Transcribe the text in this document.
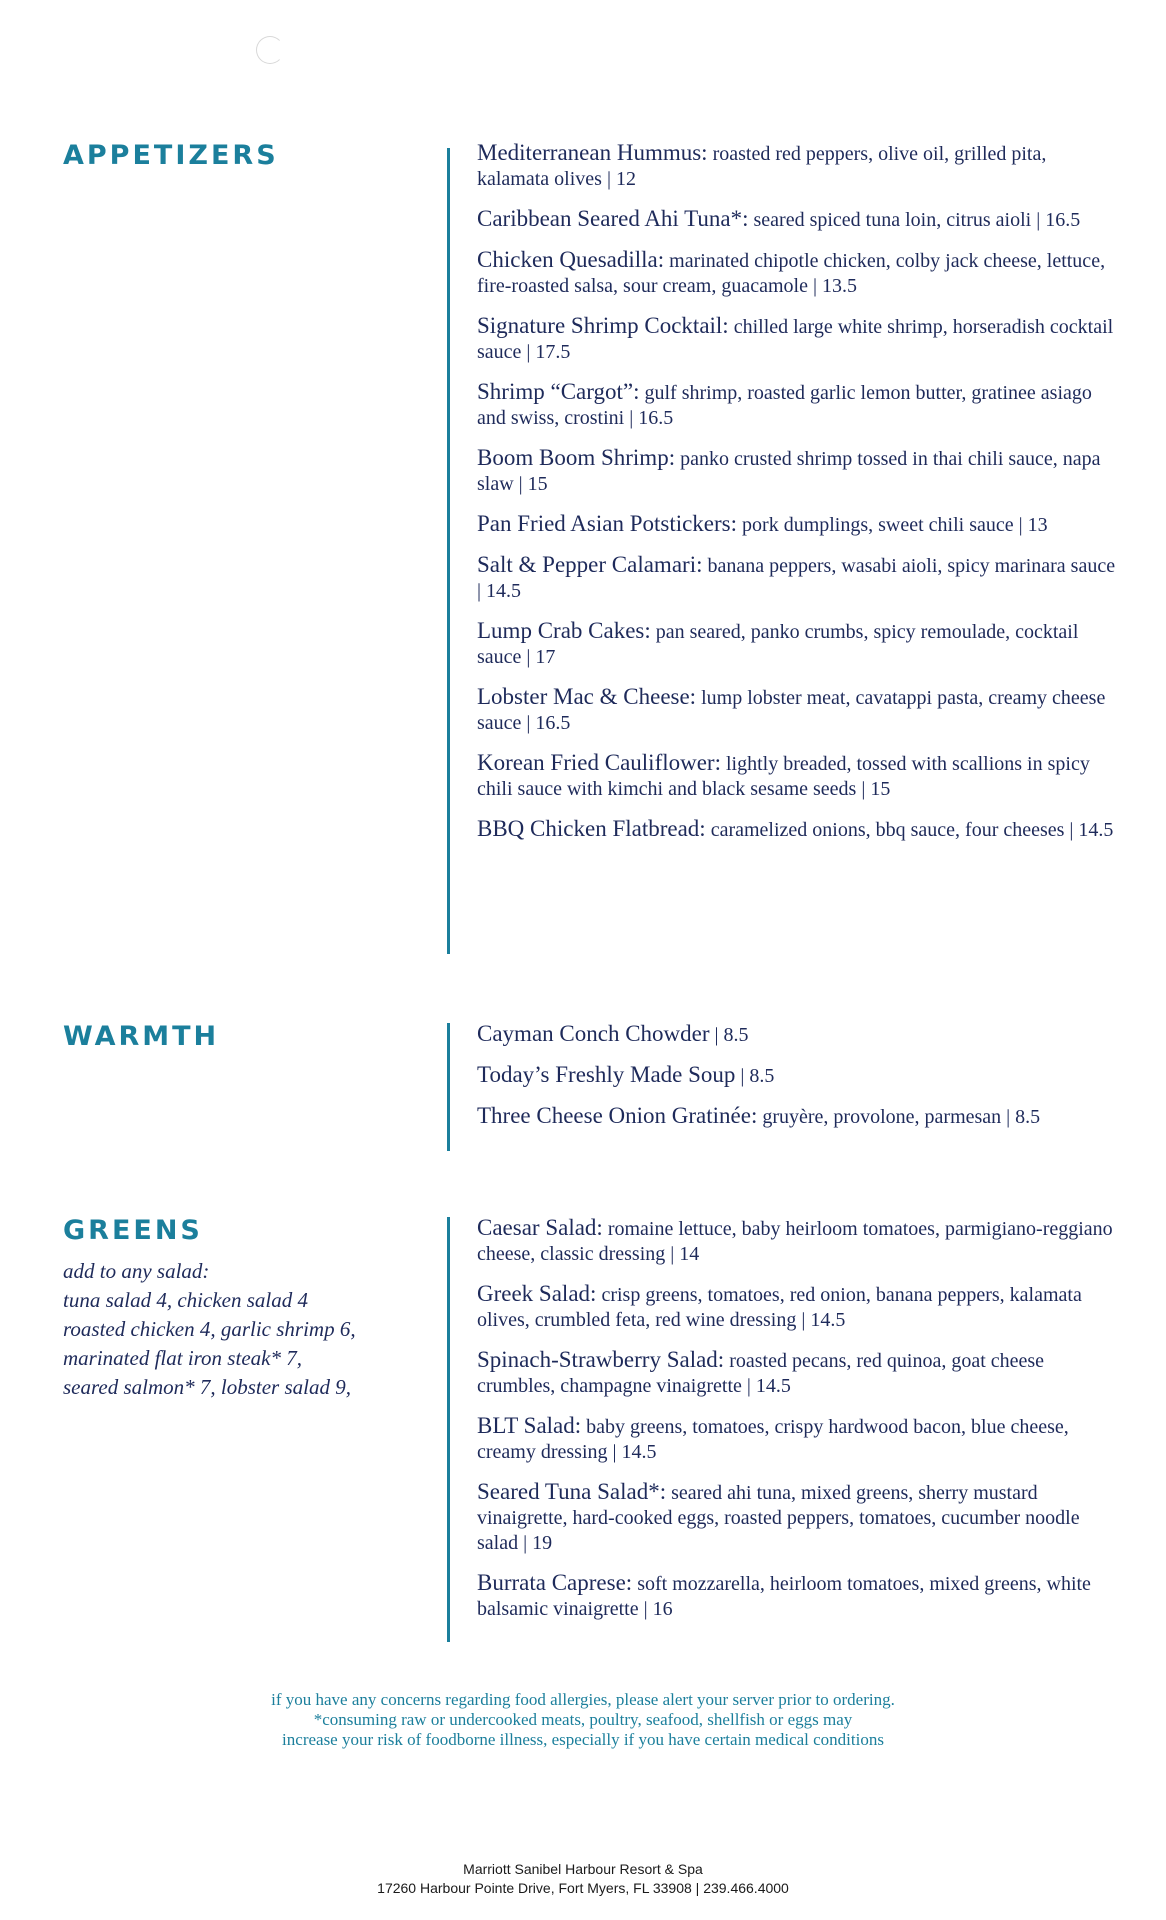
APPETIZERS	Mediterranean Hummus: roasted red peppers, olive oil, grilled pita, kalamata olives | 12
Caribbean Seared Ahi Tuna*: seared spiced tuna loin, citrus aioli | 16.5
Chicken Quesadilla: marinated chipotle chicken, colby jack cheese, lettuce, fire-roasted salsa, sour cream, guacamole | 13.5
Signature Shrimp Cocktail: chilled large white shrimp, horseradish cocktail sauce | 17.5
Shrimp “Cargot”: gulf shrimp, roasted garlic lemon butter, gratinee asiago and swiss, crostini | 16.5
Boom Boom Shrimp: panko crusted shrimp tossed in thai chili sauce, napa slaw | 15
Pan Fried Asian Potstickers: pork dumplings, sweet chili sauce | 13
Salt & Pepper Calamari: banana peppers, wasabi aioli, spicy marinara sauce | 14.5
Lump Crab Cakes: pan seared, panko crumbs, spicy remoulade, cocktail sauce | 17
Lobster Mac & Cheese: lump lobster meat, cavatappi pasta, creamy cheese sauce | 16.5
Korean Fried Cauliflower: lightly breaded, tossed with scallions in spicy chili sauce with kimchi and black sesame seeds | 15
BBQ Chicken Flatbread: caramelized onions, bbq sauce, four cheeses | 14.5
WARMTH	Cayman Conch Chowder | 8.5
Today’s Freshly Made Soup | 8.5
Three Cheese Onion Gratinée: gruyère, provolone, parmesan | 8.5
GREENS
add to any salad:
tuna salad 4, chicken salad 4
roasted chicken 4, garlic shrimp 6,
marinated flat iron steak* 7,
seared salmon* 7, lobster salad 9,
Caesar Salad: romaine lettuce, baby heirloom tomatoes, parmigiano-reggiano cheese, classic dressing | 14
Greek Salad: crisp greens, tomatoes, red onion, banana peppers, kalamata olives, crumbled feta, red wine dressing | 14.5
Spinach-Strawberry Salad: roasted pecans, red quinoa, goat cheese crumbles, champagne vinaigrette | 14.5
BLT Salad: baby greens, tomatoes, crispy hardwood bacon, blue cheese, creamy dressing | 14.5
Seared Tuna Salad*: seared ahi tuna, mixed greens, sherry mustard vinaigrette, hard-cooked eggs, roasted peppers, tomatoes, cucumber noodle salad | 19
Burrata Caprese: soft mozzarella, heirloom tomatoes, mixed greens, white balsamic vinaigrette | 16
if you have any concerns regarding food allergies, please alert your server prior to ordering.
*consuming raw or undercooked meats, poultry, seafood, shellfish or eggs may
increase your risk of foodborne illness, especially if you have certain medical conditions
Marriott Sanibel Harbour Resort & Spa
17260 Harbour Pointe Drive, Fort Myers, FL 33908 | 239.466.4000
